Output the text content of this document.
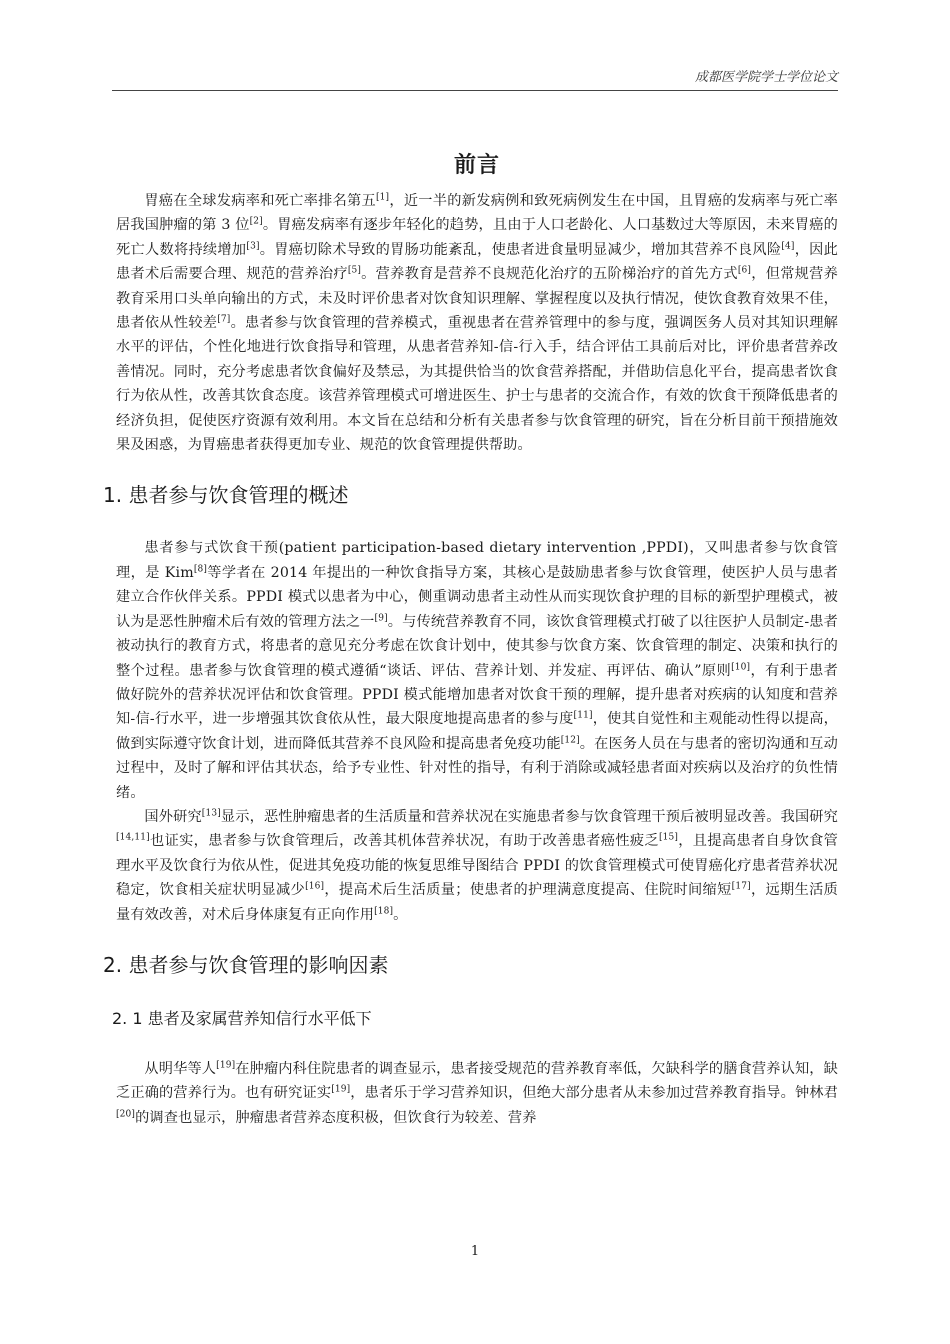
成都医学院学士学位论文
前言

胃癌在全球发病率和死亡率排名第五[1]，近一半的新发病例和致死病例发生在中国，且胃癌的发病率与死亡率居我国肿瘤的第 3 位[2]。胃癌发病率有逐步年轻化的趋势，且由于人口老龄化、人口基数过大等原因，未来胃癌的死亡人数将持续增加[3]。胃癌切除术导致的胃肠功能紊乱，使患者进食量明显减少，增加其营养不良风险[4]，因此患者术后需要合理、规范的营养治疗[5]。营养教育是营养不良规范化治疗的五阶梯治疗的首先方式[6]，但常规营养教育采用口头单向输出的方式，未及时评价患者对饮食知识理解、掌握程度以及执行情况，使饮食教育效果不佳，患者依从性较差[7]。患者参与饮食管理的营养模式，重视患者在营养管理中的参与度，强调医务人员对其知识理解水平的评估，个性化地进行饮食指导和管理，从患者营养知-信-行入手，结合评估工具前后对比，评价患者营养改善情况。同时，充分考虑患者饮食偏好及禁忌，为其提供恰当的饮食营养搭配，并借助信息化平台，提高患者饮食行为依从性，改善其饮食态度。该营养管理模式可增进医生、护士与患者的交流合作，有效的饮食干预降低患者的经济负担，促使医疗资源有效利用。本文旨在总结和分析有关患者参与饮食管理的研究，旨在分析目前干预措施效果及困惑，为胃癌患者获得更加专业、规范的饮食管理提供帮助。

1. 患者参与饮食管理的概述

患者参与式饮食干预(patient participation-based dietary intervention ,PPDI)，又叫患者参与饮食管理，是 Kim[8]等学者在 2014 年提出的一种饮食指导方案，其核心是鼓励患者参与饮食管理，使医护人员与患者建立合作伙伴关系。PPDI 模式以患者为中心，侧重调动患者主动性从而实现饮食护理的目标的新型护理模式，被认为是恶性肿瘤术后有效的管理方法之一[9]。与传统营养教育不同，该饮食管理模式打破了以往医护人员制定-患者被动执行的教育方式，将患者的意见充分考虑在饮食计划中，使其参与饮食方案、饮食管理的制定、决策和执行的整个过程。患者参与饮食管理的模式遵循“谈话、评估、营养计划、并发症、再评估、确认”原则[10]，有利于患者做好院外的营养状况评估和饮食管理。PPDI 模式能增加患者对饮食干预的理解，提升患者对疾病的认知度和营养知-信-行水平，进一步增强其饮食依从性，最大限度地提高患者的参与度[11]，使其自觉性和主观能动性得以提高，做到实际遵守饮食计划，进而降低其营养不良风险和提高患者免疫功能[12]。在医务人员在与患者的密切沟通和互动过程中，及时了解和评估其状态，给予专业性、针对性的指导，有利于消除或减轻患者面对疾病以及治疗的负性情绪。

国外研究[13]显示，恶性肿瘤患者的生活质量和营养状况在实施患者参与饮食管理干预后被明显改善。我国研究[14,11]也证实，患者参与饮食管理后，改善其机体营养状况，有助于改善患者癌性疲乏[15]，且提高患者自身饮食管理水平及饮食行为依从性，促进其免疫功能的恢复思维导图结合 PPDI 的饮食管理模式可使胃癌化疗患者营养状况稳定，饮食相关症状明显减少[16]，提高术后生活质量；使患者的护理满意度提高、住院时间缩短[17]，远期生活质量有效改善，对术后身体康复有正向作用[18]。

2. 患者参与饮食管理的影响因素
2. 1 患者及家属营养知信行水平低下

从明华等人[19]在肿瘤内科住院患者的调查显示，患者接受规范的营养教育率低，欠缺科学的膳食营养认知，缺乏正确的营养行为。也有研究证实[19]，患者乐于学习营养知识，但绝大部分患者从未参加过营养教育指导。钟林君[20]的调查也显示，肿瘤患者营养态度积极，但饮食行为较差、营养

1
